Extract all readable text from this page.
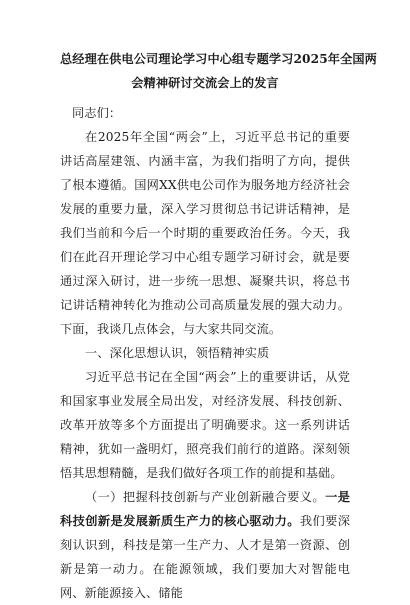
总经理在供电公司理论学习中心组专题学习2025年全国两
会精神研讨交流会上的发言

同志们：

在2025年全国“两会”上，习近平总书记的重要讲话高屋建瓴、内涵丰富，为我们指明了方向，提供了根本遵循。国网XX供电公司作为服务地方经济社会发展的重要力量，深入学习贯彻总书记讲话精神，是我们当前和今后一个时期的重要政治任务。今天，我们在此召开理论学习中心组专题学习研讨会，就是要通过深入研讨，进一步统一思想、凝聚共识，将总书记讲话精神转化为推动公司高质量发展的强大动力。下面，我谈几点体会，与大家共同交流。

一、深化思想认识，领悟精神实质

习近平总书记在全国“两会”上的重要讲话，从党和国家事业发展全局出发，对经济发展、科技创新、改革开放等多个方面提出了明确要求。这一系列讲话精神，犹如一盏明灯，照亮我们前行的道路。深刻领悟其思想精髓，是我们做好各项工作的前提和基础。

（一）把握科技创新与产业创新融合要义。一是科技创新是发展新质生产力的核心驱动力。我们要深刻认识到，科技是第一生产力、人才是第一资源、创新是第一动力。在能源领域，我们要加大对智能电网、新能源接入、储能
